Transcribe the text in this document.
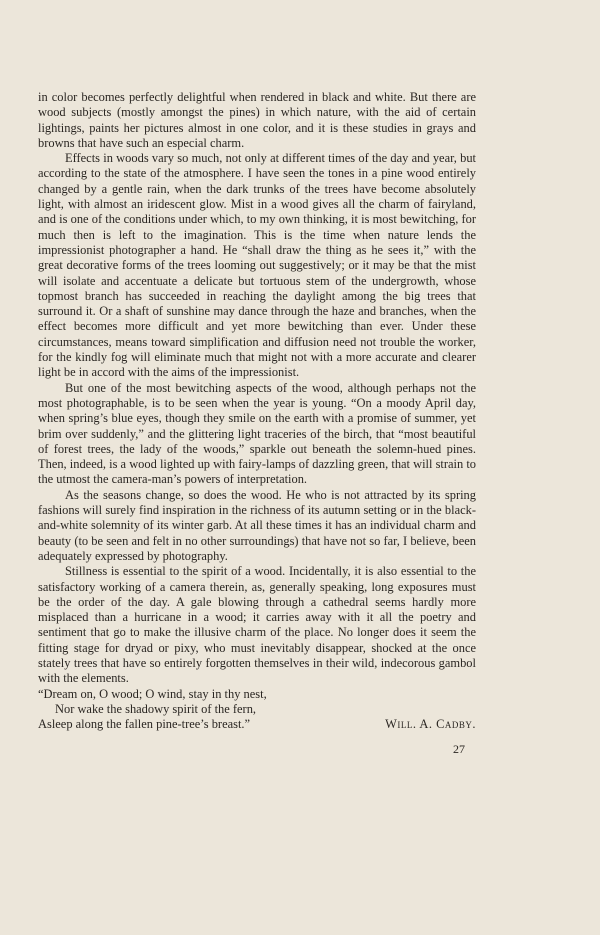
in color becomes perfectly delightful when rendered in black and white. But there are wood subjects (mostly amongst the pines) in which nature, with the aid of certain lightings, paints her pictures almost in one color, and it is these studies in grays and browns that have such an especial charm.

Effects in woods vary so much, not only at different times of the day and year, but according to the state of the atmosphere. I have seen the tones in a pine wood entirely changed by a gentle rain, when the dark trunks of the trees have become absolutely light, with almost an iridescent glow. Mist in a wood gives all the charm of fairyland, and is one of the conditions under which, to my own thinking, it is most bewitching, for much then is left to the imagination. This is the time when nature lends the impressionist photographer a hand. He “shall draw the thing as he sees it,” with the great decorative forms of the trees looming out suggestively; or it may be that the mist will isolate and accentuate a delicate but tortuous stem of the undergrowth, whose topmost branch has succeeded in reaching the daylight among the big trees that surround it. Or a shaft of sunshine may dance through the haze and branches, when the effect becomes more difficult and yet more bewitching than ever. Under these circumstances, means toward simplification and diffusion need not trouble the worker, for the kindly fog will eliminate much that might not with a more accurate and clearer light be in accord with the aims of the impressionist.

But one of the most bewitching aspects of the wood, although perhaps not the most photographable, is to be seen when the year is young. “On a moody April day, when spring’s blue eyes, though they smile on the earth with a promise of summer, yet brim over suddenly,” and the glittering light traceries of the birch, that “most beautiful of forest trees, the lady of the woods,” sparkle out beneath the solemn-hued pines. Then, indeed, is a wood lighted up with fairy-lamps of dazzling green, that will strain to the utmost the camera-man’s powers of interpretation.

As the seasons change, so does the wood. He who is not attracted by its spring fashions will surely find inspiration in the richness of its autumn setting or in the black-and-white solemnity of its winter garb. At all these times it has an individual charm and beauty (to be seen and felt in no other surroundings) that have not so far, I believe, been adequately expressed by photography.

Stillness is essential to the spirit of a wood. Incidentally, it is also essential to the satisfactory working of a camera therein, as, generally speaking, long exposures must be the order of the day. A gale blowing through a cathedral seems hardly more misplaced than a hurricane in a wood; it carries away with it all the poetry and sentiment that go to make the illusive charm of the place. No longer does it seem the fitting stage for dryad or pixy, who must inevitably disappear, shocked at the once stately trees that have so entirely forgotten themselves in their wild, indecorous gambol with the elements.

“Dream on, O wood; O wind, stay in thy nest,
Nor wake the shadowy spirit of the fern,
Asleep along the fallen pine-tree’s breast.”	Will. A. Cadby.
27
